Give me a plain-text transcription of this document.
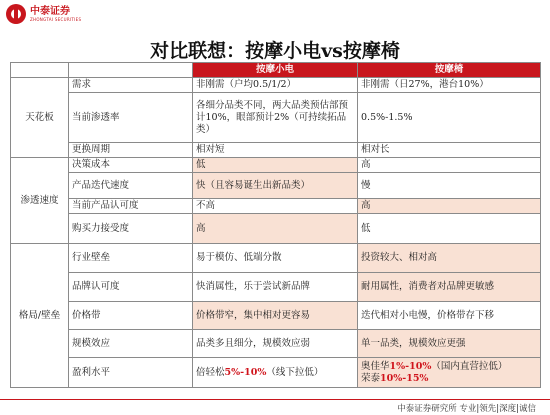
中泰证券
ZHONGTAI SECURITIES
对比联想：按摩小电vs按摩椅
		按摩小电	按摩椅
天花板	需求	非刚需（户均0.5/1/2）	非刚需（日27%，港台10%）
	当前渗透率	各细分品类不同，两大品类预估部预计10%，眼部预计2%（可持续拓品类）	0.5%-1.5%
	更换周期	相对短	相对长
渗透速度	决策成本	低	高
	产品迭代速度	快（且容易诞生出新品类）	慢
	当前产品认可度	不高	高
	购买力接受度	高	低
格局/壁垒	行业壁垒	易于模仿、低端分散	投资较大、相对高
	品牌认可度	快消属性，乐于尝试新品牌	耐用属性，消费者对品牌更敏感
	价格带	价格带窄，集中相对更容易	迭代相对小电慢，价格带存下移
	规模效应	品类多且细分，规模效应弱	单一品类，规模效应更强
	盈利水平	倍轻松5%-10%（线下拉低）	奥佳华1%-10%（国内直营拉低）
荣泰10%-15%
中泰证券研究所 专业|领先|深度|诚信
